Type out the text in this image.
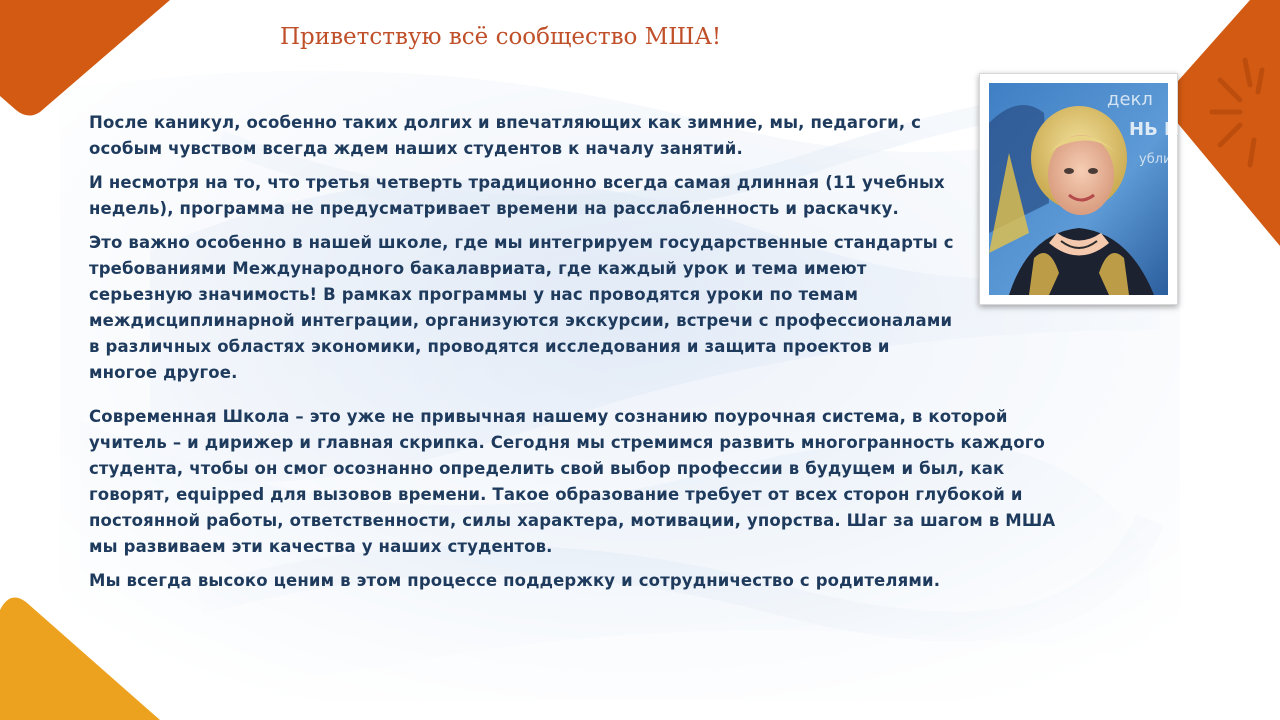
Приветствую всё сообщество МША!

После каникул, особенно таких долгих и впечатляющих как зимние, мы, педагоги, с особым чувством всегда ждем наших студентов к началу занятий.

И несмотря на то, что третья четверть традиционно всегда самая длинная (11 учебных недель), программа не предусматривает времени на расслабленность и раскачку.

Это важно особенно в нашей школе, где мы интегрируем государственные стандарты с требованиями Международного бакалавриата, где каждый урок и тема имеют серьезную значимость! В рамках программы у нас проводятся уроки по темам междисциплинарной интеграции, организуются экскурсии, встречи с профессионалами в различных областях экономики, проводятся исследования и защита проектов и многое другое.

Современная Школа – это уже не привычная нашему сознанию поурочная система, в которой учитель – и дирижер и главная скрипка. Сегодня мы стремимся развить многогранность каждого студента, чтобы он смог осознанно определить свой выбор профессии в будущем и был, как говорят, equipped для вызовов времени. Такое образование требует от всех сторон глубокой и постоянной работы, ответственности, силы характера, мотивации, упорства. Шаг за шагом в МША мы развиваем эти качества у наших студентов.

Мы всегда высоко ценим в этом процессе поддержку и сотрудничество с родителями.

декл
НЬ Н
убли
